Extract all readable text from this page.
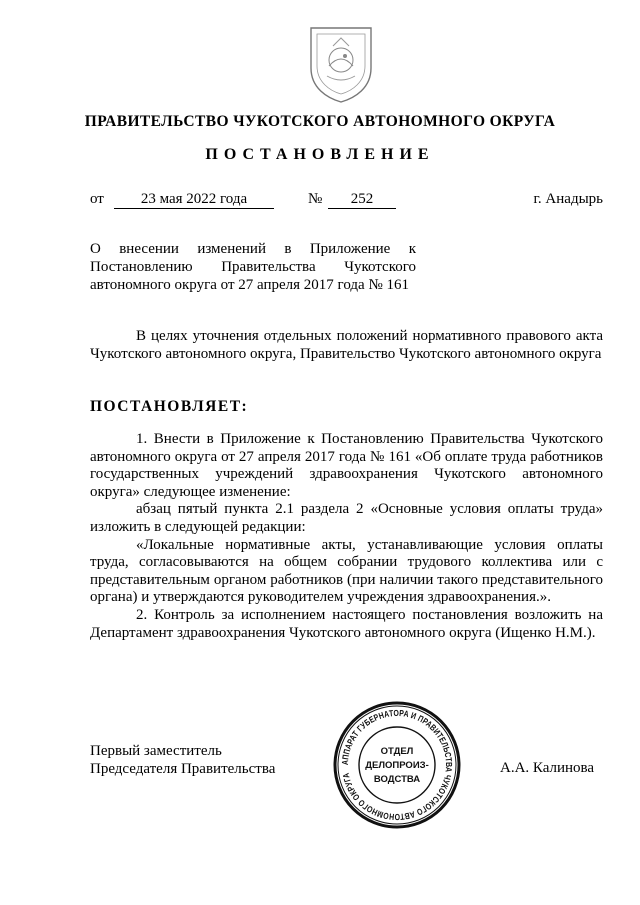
ПРАВИТЕЛЬСТВО ЧУКОТСКОГО АВТОНОМНОГО ОКРУГА
ПОСТАНОВЛЕНИЕ
от	23 мая 2022 года	№	252	г. Анадырь

О внесении изменений в Приложение к

Постановлению Правительства Чукотского

автономного округа от 27 апреля 2017 года № 161

В целях уточнения отдельных положений нормативного правового акта Чукотского автономного округа, Правительство Чукотского автономного округа

ПОСТАНОВЛЯЕТ:

1. Внести в Приложение к Постановлению Правительства Чукотского автономного округа от 27 апреля 2017 года № 161 «Об оплате труда работников государственных учреждений здравоохранения Чукотского автономного округа» следующее изменение:

абзац пятый пункта 2.1 раздела 2 «Основные условия оплаты труда» изложить в следующей редакции:

«Локальные нормативные акты, устанавливающие условия оплаты труда, согласовываются на общем собрании трудового коллектива или с представительным органом работников (при наличии такого представительного органа) и утверждаются руководителем учреждения здравоохранения.».

2. Контроль за исполнением настоящего постановления возложить на Департамент здравоохранения Чукотского автономного округа (Ищенко Н.М.).

Первый заместитель
Председателя Правительства	А.А. Калинова
АППАРАТ ГУБЕРНАТОРА И ПРАВИТЕЛЬСТВА ЧУКОТСКОГО АВТОНОМНОГО ОКРУГА
ОТДЕЛ
ДЕЛОПРОИЗ-
ВОДСТВА
